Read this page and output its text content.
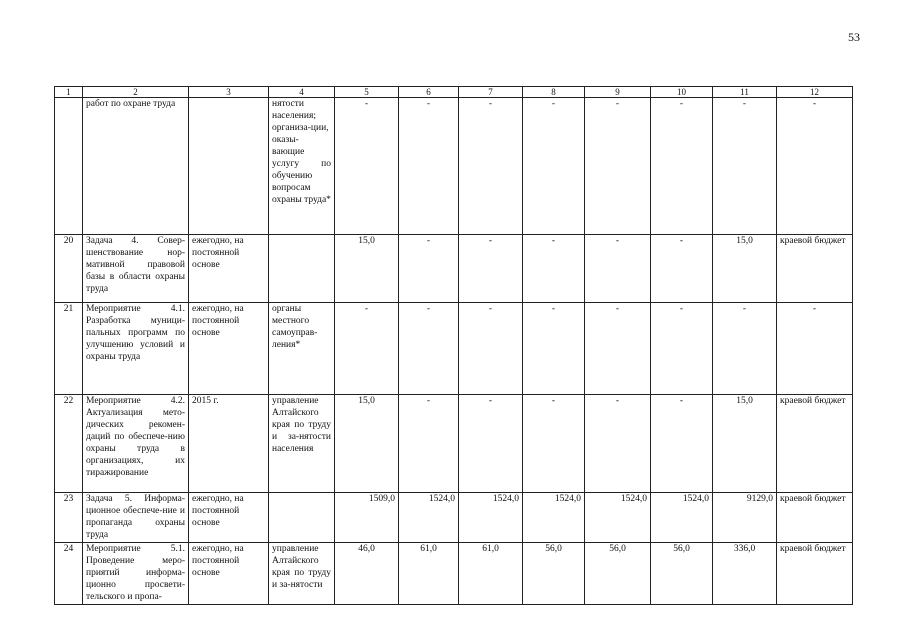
53
1	2	3	4	5	6	7	8	9	10	11	12
	работ по охране труда		нятости населения; организа-ции, оказы-вающие услугу по обучению вопросам охраны труда*	-	-	-	-	-	-	-	-
20	Задача 4. Совер-шенствование нор-мативной правовой базы в области охраны труда	ежегодно, на постоянной основе		15,0	-	-	-	-	-	15,0	краевой бюджет
21	Мероприятие 4.1. Разработка муници-пальных программ по улучшению условий и охраны труда	ежегодно, на постоянной основе	органы местного самоуправ-ления*	-	-	-	-	-	-	-	-
22	Мероприятие 4.2. Актуализация мето-дических рекомен-даций по обеспече-нию охраны труда в организациях, их тиражирование	2015 г.	управление Алтайского края по труду и за-нятости населения	15,0	-	-	-	-	-	15,0	краевой бюджет
23	Задача 5. Информа-ционное обеспече-ние и пропаганда охраны труда	ежегодно, на постоянной основе		1509,0	1524,0	1524,0	1524,0	1524,0	1524,0	9129,0	краевой бюджет
24	Мероприятие 5.1. Проведение меро-приятий информа-ционно просвети-тельского и пропа-	ежегодно, на постоянной основе	управление Алтайского края по труду и за-нятости	46,0	61,0	61,0	56,0	56,0	56,0	336,0	краевой бюджет
